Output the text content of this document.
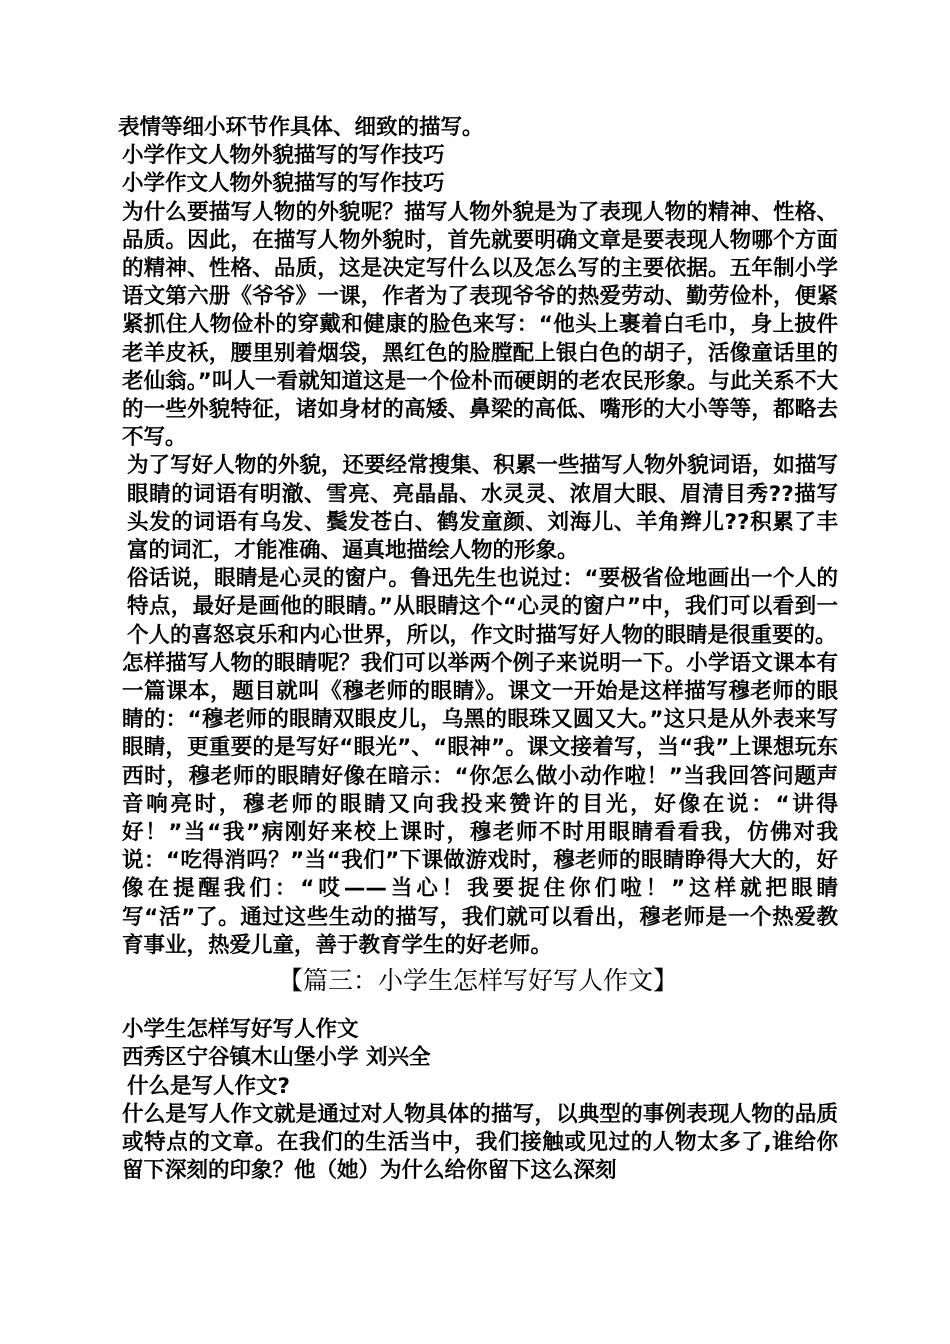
表情等细小环节作具体、细致的描写。

小学作文人物外貌描写的写作技巧

小学作文人物外貌描写的写作技巧

为什么要描写人物的外貌呢？描写人物外貌是为了表现人物的精神、性格、品质。因此，在描写人物外貌时，首先就要明确文章是要表现人物哪个方面的精神、性格、品质，这是决定写什么以及怎么写的主要依据。五年制小学语文第六册《爷爷》一课，作者为了表现爷爷的热爱劳动、勤劳俭朴，便紧紧抓住人物俭朴的穿戴和健康的脸色来写：“他头上裹着白毛巾，身上披件老羊皮袄，腰里别着烟袋，黑红色的脸膛配上银白色的胡子，活像童话里的老仙翁。”叫人一看就知道这是一个俭朴而硬朗的老农民形象。与此关系不大的一些外貌特征，诸如身材的高矮、鼻梁的高低、嘴形的大小等等，都略去不写。

为了写好人物的外貌，还要经常搜集、积累一些描写人物外貌词语，如描写眼睛的词语有明澈、雪亮、亮晶晶、水灵灵、浓眉大眼、眉清目秀??描写头发的词语有乌发、鬓发苍白、鹤发童颜、刘海儿、羊角辫儿??积累了丰富的词汇，才能准确、逼真地描绘人物的形象。

俗话说，眼睛是心灵的窗户。鲁迅先生也说过：“要极省俭地画出一个人的特点，最好是画他的眼睛。”从眼睛这个“心灵的窗户”中，我们可以看到一个人的喜怒哀乐和内心世界，所以，作文时描写好人物的眼睛是很重要的。

怎样描写人物的眼睛呢？我们可以举两个例子来说明一下。小学语文课本有一篇课本，题目就叫《穆老师的眼睛》。课文一开始是这样描写穆老师的眼睛的：“穆老师的眼睛双眼皮儿，乌黑的眼珠又圆又大。”这只是从外表来写眼睛，更重要的是写好“眼光”、“眼神”。课文接着写，当“我”上课想玩东西时，穆老师的眼睛好像在暗示：“你怎么做小动作啦！”当我回答问题声音响亮时，穆老师的眼睛又向我投来赞许的目光，好像在说：“讲得好！”当“我”病刚好来校上课时，穆老师不时用眼睛看看我，仿佛对我说：“吃得消吗？”当“我们”下课做游戏时，穆老师的眼睛睁得大大的，好像在提醒我们：“哎——当心！我要捉住你们啦！”这样就把眼睛写“活”了。通过这些生动的描写，我们就可以看出，穆老师是一个热爱教育事业，热爱儿童，善于教育学生的好老师。

【篇三：小学生怎样写好写人作文】

小学生怎样写好写人作文

西秀区宁谷镇木山堡小学 刘兴全

什么是写人作文?

什么是写人作文就是通过对人物具体的描写，以典型的事例表现人物的品质或特点的文章。在我们的生活当中，我们接触或见过的人物太多了,谁给你留下深刻的印象？他（她）为什么给你留下这么深刻
